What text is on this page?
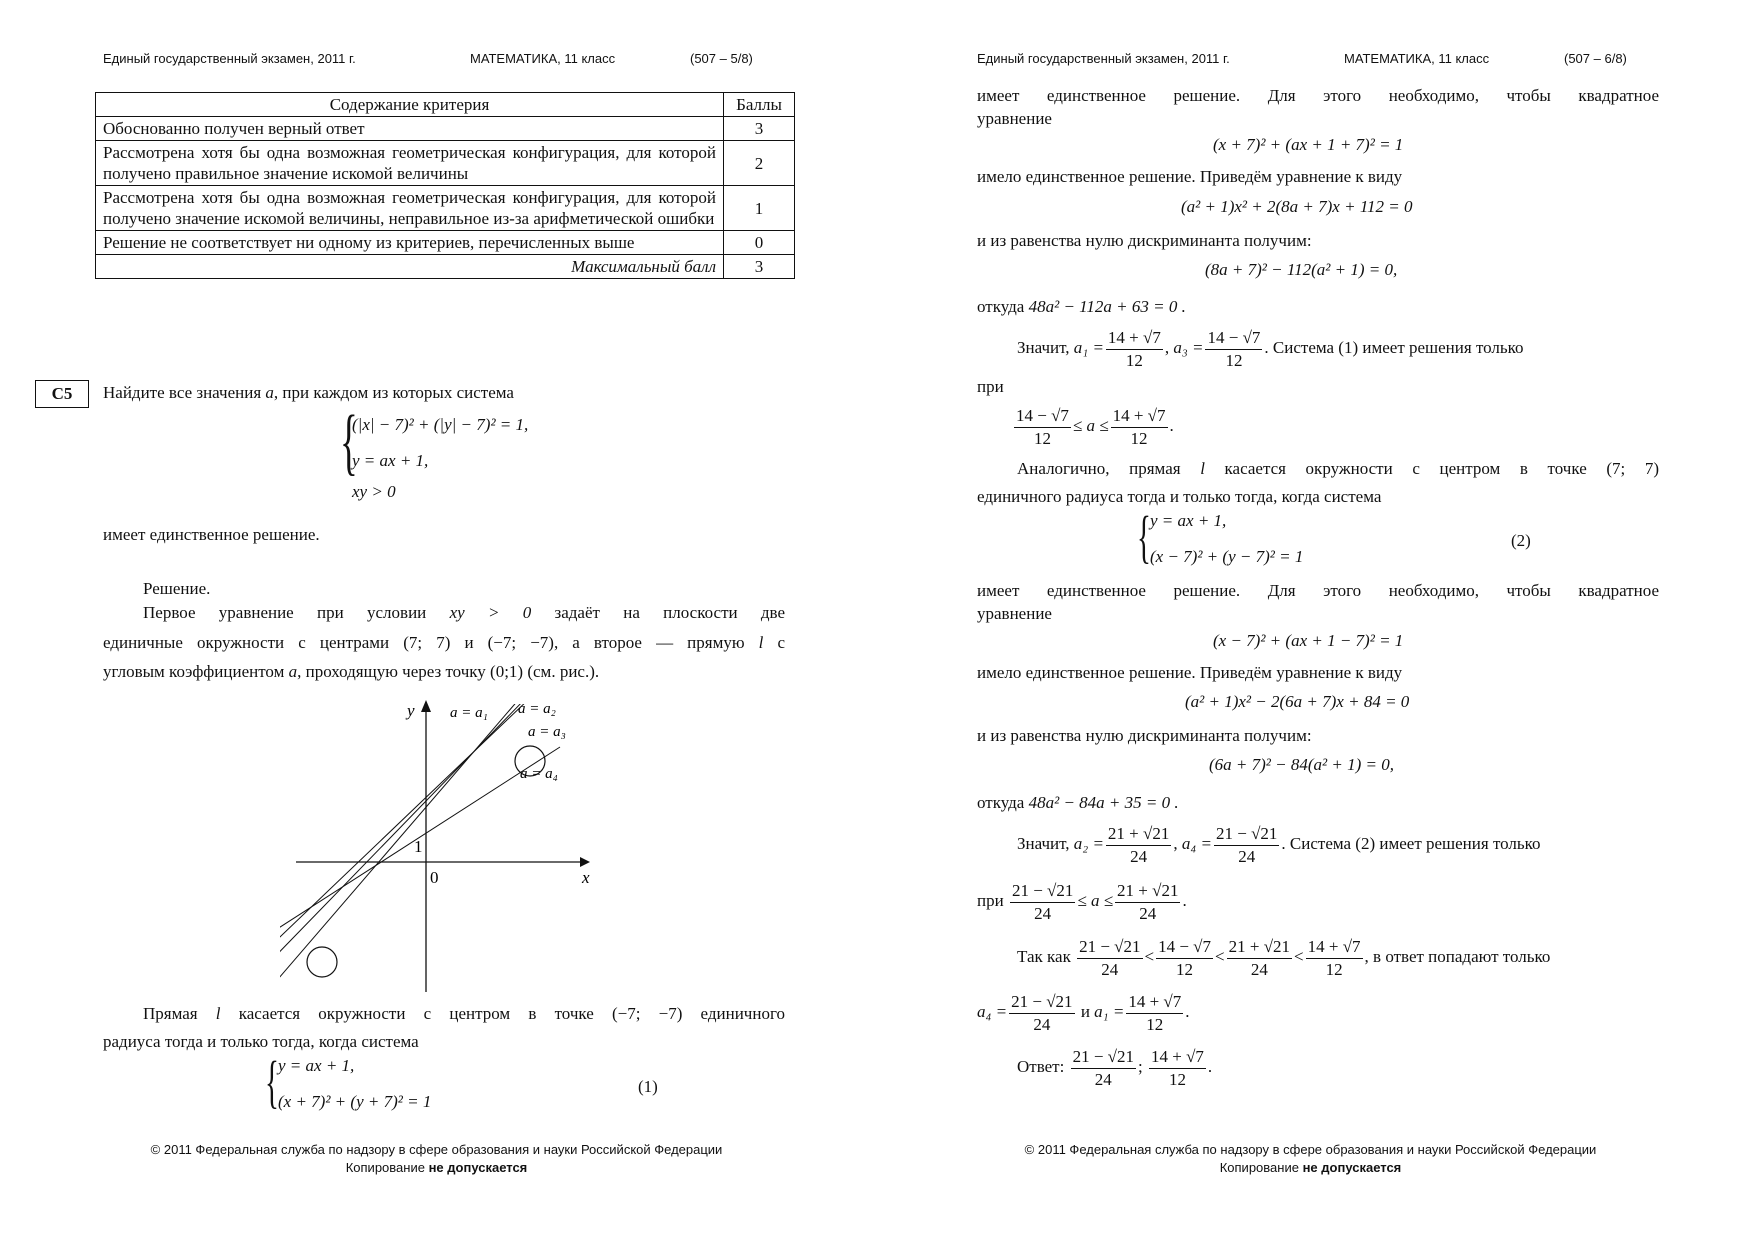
Единый государственный экзамен, 2011 г.	МАТЕМАТИКА, 11 класс	(507 – 5/8)
Содержание критерия	Баллы
Обоснованно получен верный ответ	3
Рассмотрена хотя бы одна возможная геометрическая конфигурация, для которой получено правильное значение искомой величины	2
Рассмотрена хотя бы одна возможная геометрическая конфигурация, для которой получено значение искомой величины, неправильное из-за арифметической ошибки	1
Решение не соответствует ни одному из критериев, перечисленных выше	0
Максимальный балл	3
C5	Найдите все значения a, при каждом из которых система
{
(|x| − 7)² + (|y| − 7)² = 1,
y = ax + 1,
xy > 0
имеет единственное решение.
Решение.
Первое уравнение при условии xy > 0 задаёт на плоскости две
единичные окружности с центрами (7; 7) и (−7; −7), а второе — прямую l с
угловым коэффициентом a, проходящую через точку (0;1) (см. рис.).
y
x
0
1
a = a₁ a = a₂
a = a₃
a = a₄
Прямая l касается окружности с центром в точке (−7; −7) единичного
радиуса тогда и только тогда, когда система
{ y = ax + 1,
(x + 7)² + (y + 7)² = 1
(1)
© 2011 Федеральная служба по надзору в сфере образования и науки Российской Федерации
Копирование не допускается
Единый государственный экзамен, 2011 г.	МАТЕМАТИКА, 11 класс	(507 – 6/8)
имеет единственное решение. Для этого необходимо, чтобы квадратное
уравнение
(x + 7)² + (ax + 1 + 7)² = 1
имело единственное решение. Приведём уравнение к виду
(a² + 1)x² + 2(8a + 7)x + 112 = 0
и из равенства нулю дискриминанта получим:
(8a + 7)² − 112(a² + 1) = 0,
откуда 48a² − 112a + 63 = 0 .
Значит, $a_1 = \frac{14 + √7}{12}$ , $a_3 = \frac{14 - √7}{12}$ . Система (1) имеет решения только
при
$\frac{14 - √7}{12} \le a \le \frac{14 + √7}{12}$ .
Аналогично, прямая l касается окружности с центром в точке (7; 7)
единичного радиуса тогда и только тогда, когда система
{ y = ax + 1,
(x − 7)² + (y − 7)² = 1
(2)
имеет единственное решение. Для этого необходимо, чтобы квадратное
уравнение
(x − 7)² + (ax + 1 − 7)² = 1
имело единственное решение. Приведём уравнение к виду
(a² + 1)x² − 2(6a + 7)x + 84 = 0
и из равенства нулю дискриминанта получим:
(6a + 7)² − 84(a² + 1) = 0,
откуда 48a² − 84a + 35 = 0 .
Значит, $a_2 = \frac{21 + √21}{24}$ , $a_4 = \frac{21 - √21}{24}$ . Система (2) имеет решения только
при $\frac{21 - √21}{24} \le a \le \frac{21 + √21}{24}$ .
Так как $\frac{21 - √21}{24} < \frac{14 - √7}{12} < \frac{21 + √21}{24} < \frac{14 + √7}{12}$ , в ответ попадают только
$a_4 = \frac{21 - √21}{24}$ и $a_1 = \frac{14 + √7}{12}$ .
Ответ: $\frac{21 - √21}{24}$ ; $\frac{14 + √7}{12}$ .
© 2011 Федеральная служба по надзору в сфере образования и науки Российской Федерации
Копирование не допускается
